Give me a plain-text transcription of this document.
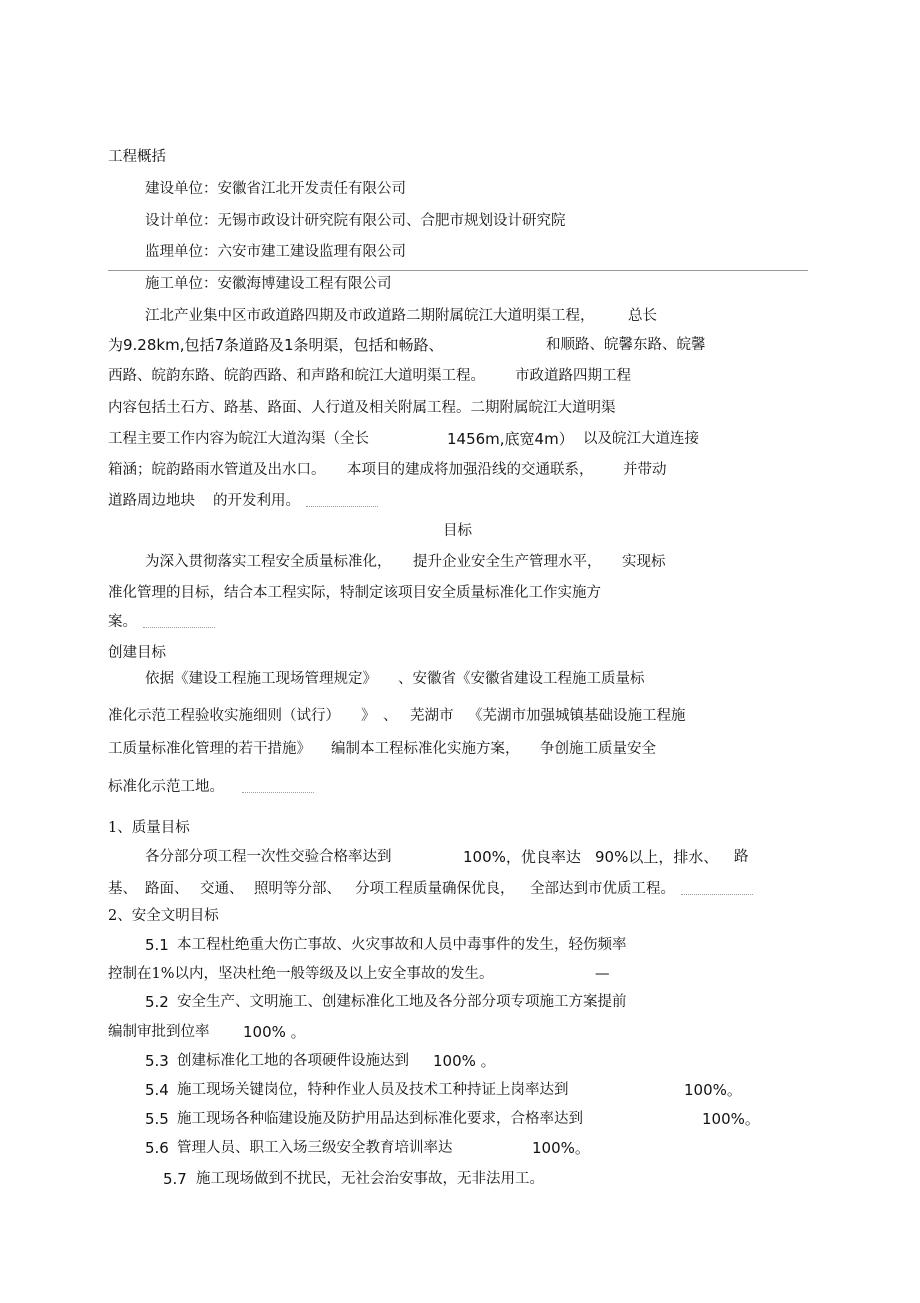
工程概括
建设单位：安徽省江北开发责任有限公司
设计单位：无锡市政设计研究院有限公司、合肥市规划设计研究院
监理单位：六安市建工建设监理有限公司
施工单位：安徽海博建设工程有限公司
江北产业集中区市政道路四期及市政道路二期附属皖江大道明渠工程， 总长
为9.28km,包括7条道路及1条明渠，包括和畅路、	和顺路、皖馨东路、皖馨
西路、皖韵东路、皖韵西路、和声路和皖江大道明渠工程。 市政道路四期工程
内容包括土石方、路基、路面、人行道及相关附属工程。二期附属皖江大道明渠
工程主要工作内容为皖江大道沟渠（全长	1456m,底宽4m） 以及皖江大道连接
箱涵；皖韵路雨水管道及出水口。 本项目的建成将加强沿线的交通联系， 并带动
道路周边地块 的开发利用。
目标
为深入贯彻落实工程安全质量标准化， 提升企业安全生产管理水平， 实现标
准化管理的目标，结合本工程实际，特制定该项目安全质量标准化工作实施方
案。
创建目标
依据《建设工程施工现场管理规定》 、安徽省《安徽省建设工程施工质量标
准化示范工程验收实施细则（试行） 》 、 芜湖市 《芜湖市加强城镇基础设施工程施
工质量标准化管理的若干措施》 编制本工程标准化实施方案， 争创施工质量安全
标准化示范工地。
1、质量目标
各分部分项工程一次性交验合格率达到	100%，优良率达 90%以上，排水、 路
基、 路面、 交通、 照明等分部、 分项工程质量确保优良， 全部达到市优质工程。
2、安全文明目标
5.1 本工程杜绝重大伤亡事故、火灾事故和人员中毒事件的发生，轻伤频率
控制在1%以内，坚决杜绝一般等级及以上安全事故的发生。	—
5.2 安全生产、文明施工、创建标准化工地及各分部分项专项施工方案提前
编制审批到位率 100% 。
5.3 创建标准化工地的各项硬件设施达到 100% 。
5.4 施工现场关键岗位，特种作业人员及技术工种持证上岗率达到	100%。
5.5 施工现场各种临建设施及防护用品达到标准化要求，合格率达到	100%。
5.6 管理人员、职工入场三级安全教育培训率达	100%。
5.7 施工现场做到不扰民，无社会治安事故，无非法用工。
